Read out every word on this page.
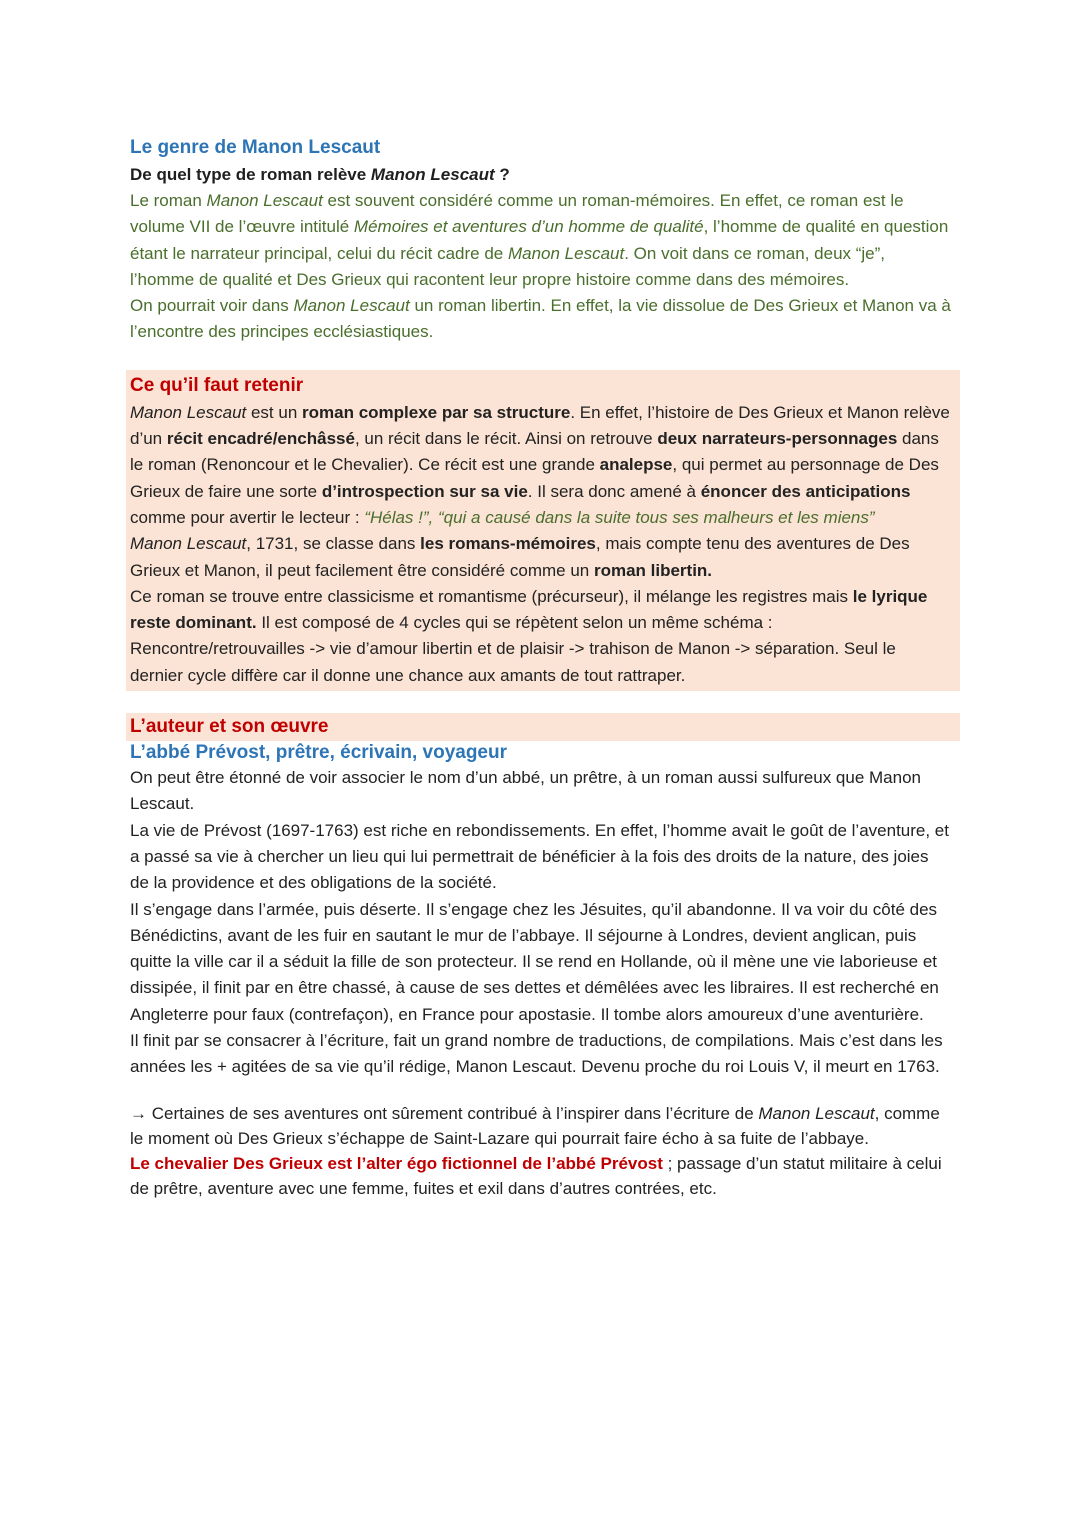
Le genre de Manon Lescaut

De quel type de roman relève Manon Lescaut ?

Le roman Manon Lescaut est souvent considéré comme un roman-mémoires. En effet, ce roman est le volume VII de l’œuvre intitulé Mémoires et aventures d’un homme de qualité, l’homme de qualité en question étant le narrateur principal, celui du récit cadre de Manon Lescaut. On voit dans ce roman, deux “je”, l’homme de qualité et Des Grieux qui racontent leur propre histoire comme dans des mémoires.

On pourrait voir dans Manon Lescaut un roman libertin. En effet, la vie dissolue de Des Grieux et Manon va à l’encontre des principes ecclésiastiques.

Ce qu’il faut retenir

Manon Lescaut est un roman complexe par sa structure. En effet, l’histoire de Des Grieux et Manon relève d’un récit encadré/enchâssé, un récit dans le récit. Ainsi on retrouve deux narrateurs-personnages dans le roman (Renoncour et le Chevalier). Ce récit est une grande analepse, qui permet au personnage de Des Grieux de faire une sorte d’introspection sur sa vie. Il sera donc amené à énoncer des anticipations comme pour avertir le lecteur : “Hélas !”, “qui a causé dans la suite tous ses malheurs et les miens”

Manon Lescaut, 1731, se classe dans les romans-mémoires, mais compte tenu des aventures de Des Grieux et Manon, il peut facilement être considéré comme un roman libertin.

Ce roman se trouve entre classicisme et romantisme (précurseur), il mélange les registres mais le lyrique reste dominant. Il est composé de 4 cycles qui se répètent selon un même schéma : Rencontre/retrouvailles -> vie d’amour libertin et de plaisir -> trahison de Manon -> séparation. Seul le dernier cycle diffère car il donne une chance aux amants de tout rattraper.

L’auteur et son œuvre

L’abbé Prévost, prêtre, écrivain, voyageur

On peut être étonné de voir associer le nom d’un abbé, un prêtre, à un roman aussi sulfureux que Manon Lescaut.

La vie de Prévost (1697-1763) est riche en rebondissements. En effet, l’homme avait le goût de l’aventure, et a passé sa vie à chercher un lieu qui lui permettrait de bénéficier à la fois des droits de la nature, des joies de la providence et des obligations de la société.

Il s’engage dans l’armée, puis déserte. Il s’engage chez les Jésuites, qu’il abandonne. Il va voir du côté des Bénédictins, avant de les fuir en sautant le mur de l’abbaye. Il séjourne à Londres, devient anglican, puis quitte la ville car il a séduit la fille de son protecteur. Il se rend en Hollande, où il mène une vie laborieuse et dissipée, il finit par en être chassé, à cause de ses dettes et démêlées avec les libraires. Il est recherché en Angleterre pour faux (contrefaçon), en France pour apostasie. Il tombe alors amoureux d’une aventurière.

Il finit par se consacrer à l’écriture, fait un grand nombre de traductions, de compilations. Mais c’est dans les années les + agitées de sa vie qu’il rédige, Manon Lescaut. Devenu proche du roi Louis V, il meurt en 1763.

→ Certaines de ses aventures ont sûrement contribué à l’inspirer dans l’écriture de Manon Lescaut, comme le moment où Des Grieux s’échappe de Saint-Lazare qui pourrait faire écho à sa fuite de l’abbaye.

Le chevalier Des Grieux est l’alter égo fictionnel de l’abbé Prévost ; passage d’un statut militaire à celui de prêtre, aventure avec une femme, fuites et exil dans d’autres contrées, etc.
